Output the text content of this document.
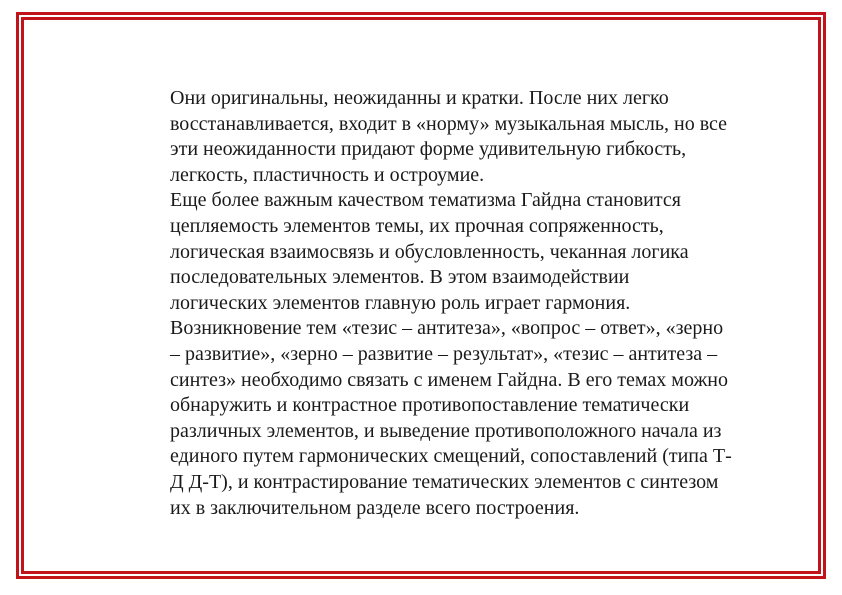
Они оригинальны, неожиданны и кратки. После них легко
восстанавливается, входит в «норму» музыкальная мысль, но все
эти неожиданности придают форме удивительную гибкость,
легкость, пластичность и остроумие.
Еще более важным качеством тематизма Гайдна становится
цепляемость элементов темы, их прочная сопряженность,
логическая взаимосвязь и обусловленность, чеканная логика
последовательных элементов. В этом взаимодействии
логических элементов главную роль играет гармония.
Возникновение тем «тезис – антитеза», «вопрос – ответ», «зерно
– развитие», «зерно – развитие – результат», «тезис – антитеза –
синтез» необходимо связать с именем Гайдна. В его темах можно
обнаружить и контрастное противопоставление тематически
различных элементов, и выведение противоположного начала из
единого путем гармонических смещений, сопоставлений (типа Т-
Д Д-Т), и контрастирование тематических элементов с синтезом
их в заключительном разделе всего построения.
